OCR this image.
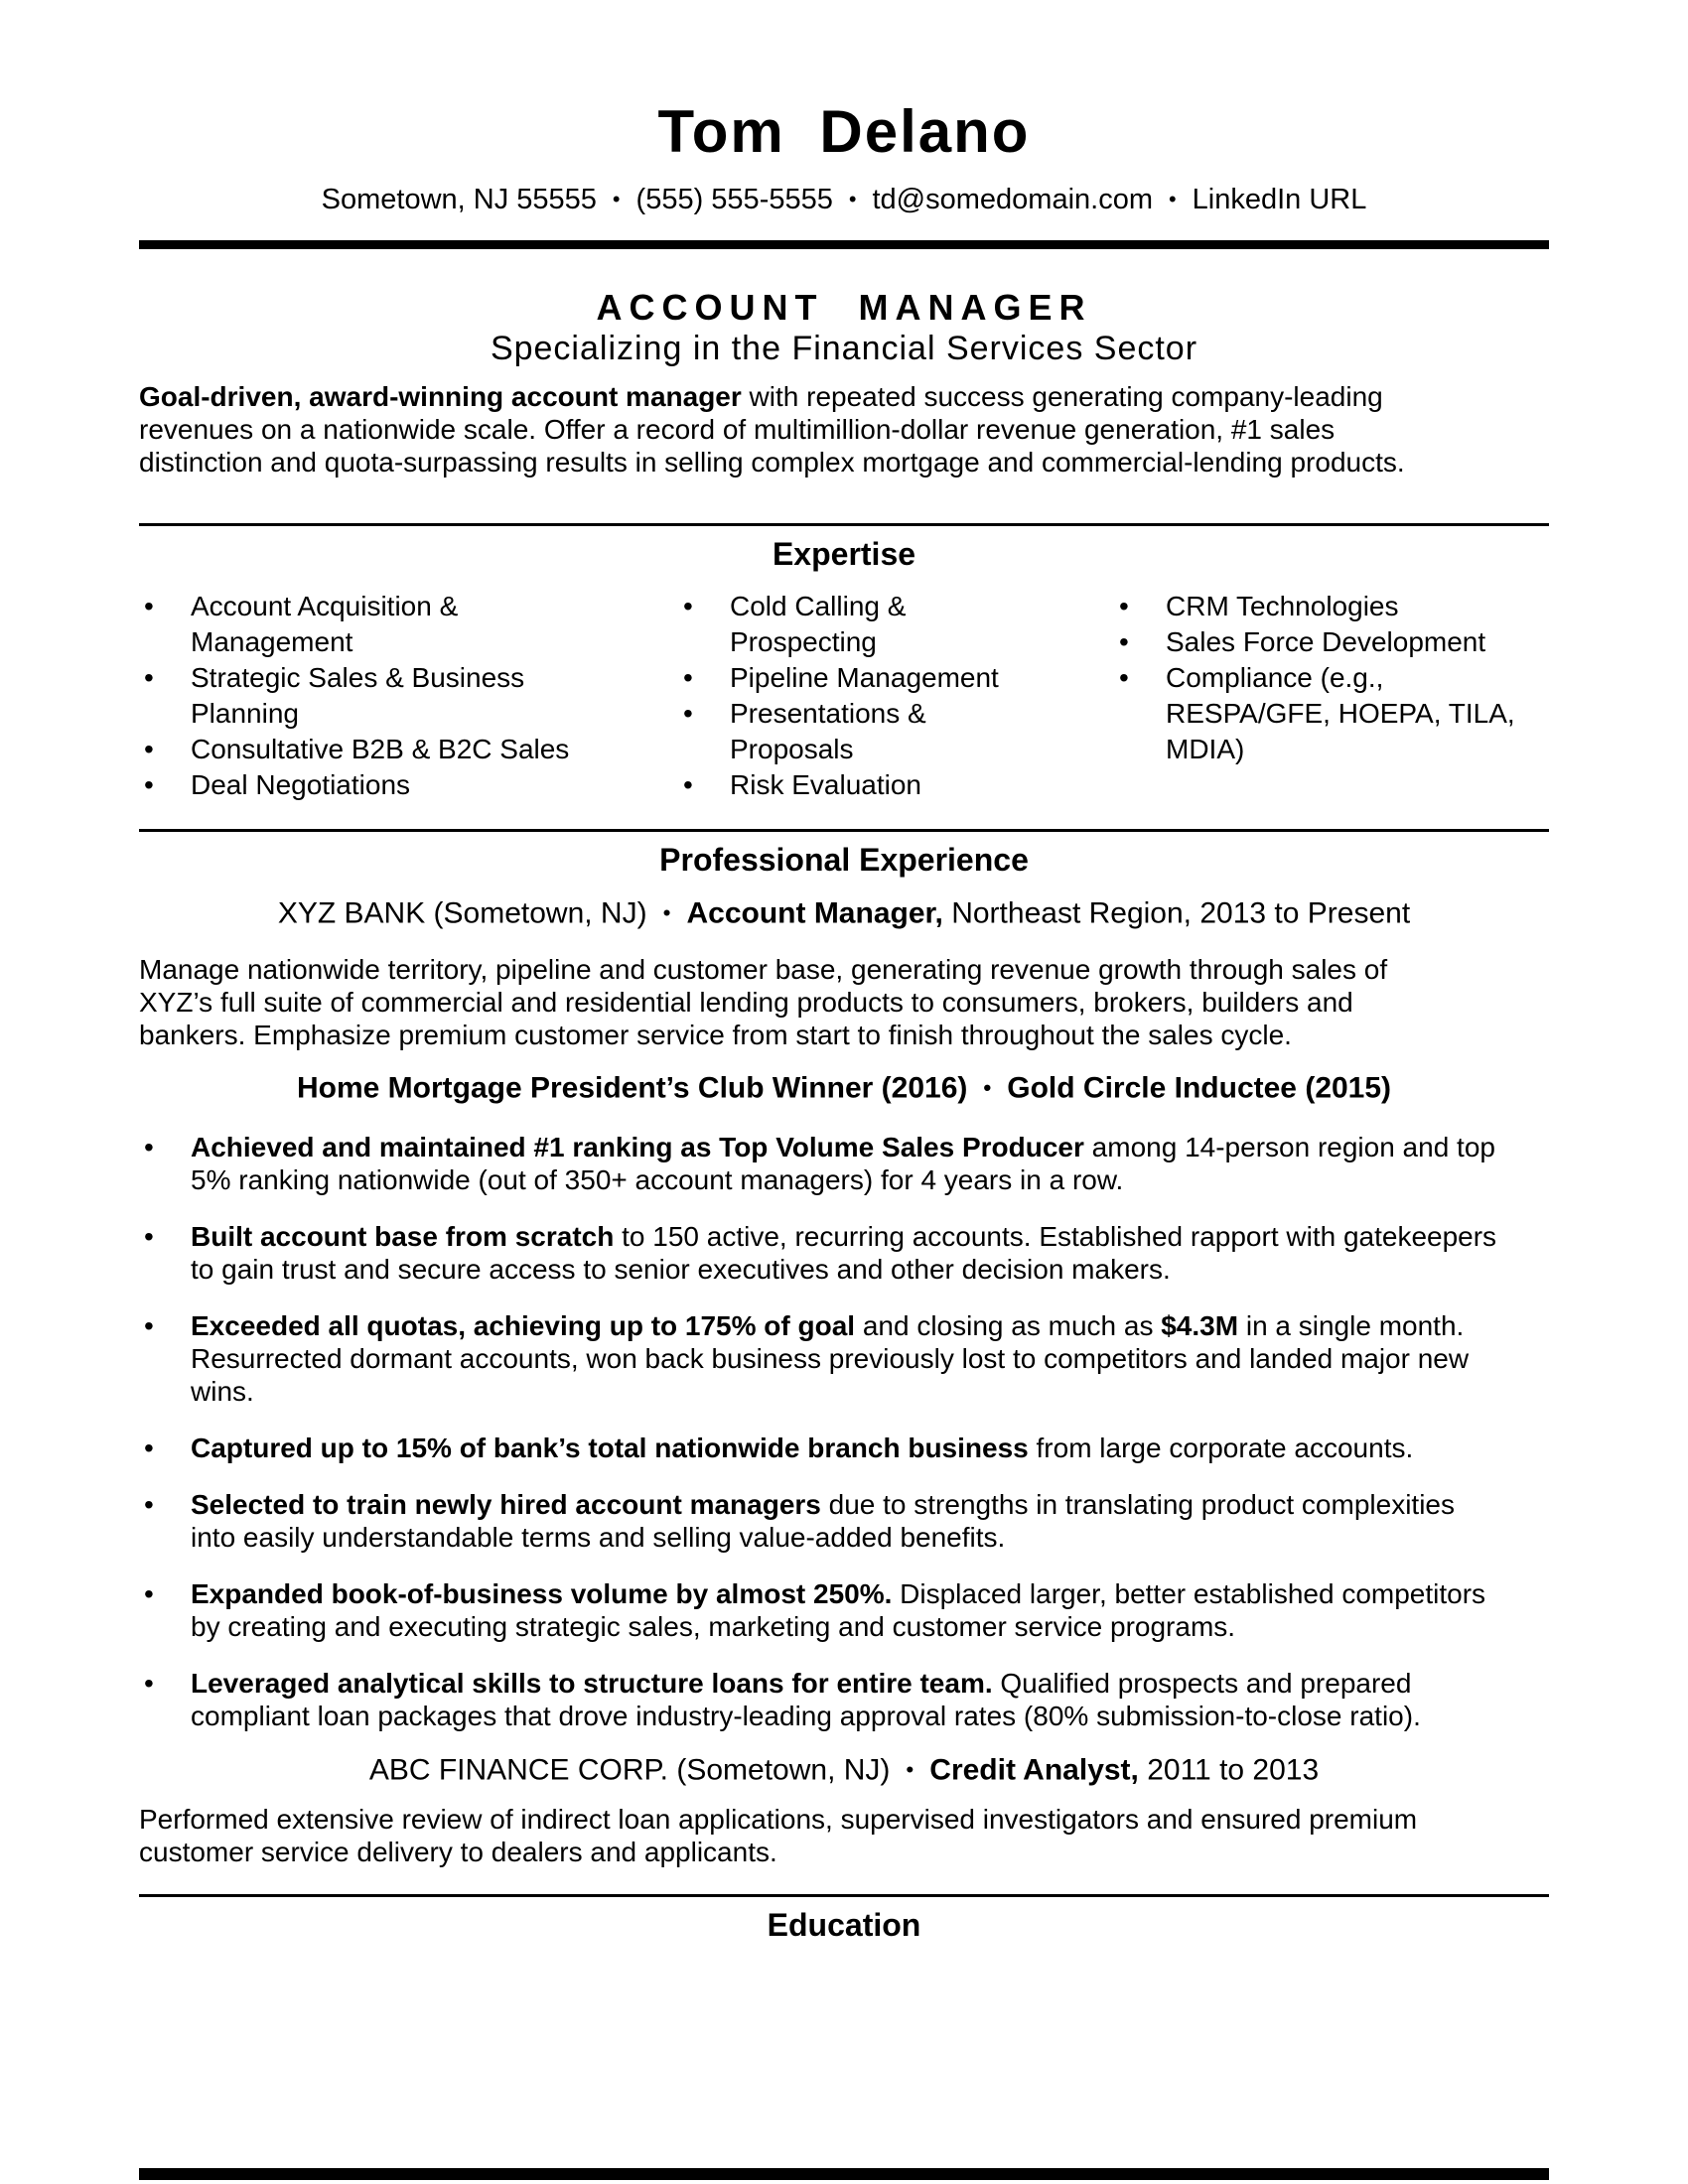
Tom Delano
Sometown, NJ 55555 • (555) 555-5555 • td@somedomain.com • LinkedIn URL
ACCOUNT MANAGER
Specializing in the Financial Services Sector

Goal-driven, award-winning account manager with repeated success generating company-leading revenues on a nationwide scale. Offer a record of multimillion-dollar revenue generation, #1 sales distinction and quota-surpassing results in selling complex mortgage and commercial-lending products.

Expertise
• Account Acquisition & Management
• Strategic Sales & Business Planning
• Consultative B2B & B2C Sales
• Deal Negotiations
• Cold Calling & Prospecting
• Pipeline Management
• Presentations & Proposals
• Risk Evaluation
• CRM Technologies
• Sales Force Development
• Compliance (e.g., RESPA/GFE, HOEPA, TILA, MDIA)
Professional Experience
XYZ BANK (Sometown, NJ) • Account Manager, Northeast Region, 2013 to Present

Manage nationwide territory, pipeline and customer base, generating revenue growth through sales of XYZ’s full suite of commercial and residential lending products to consumers, brokers, builders and bankers. Emphasize premium customer service from start to finish throughout the sales cycle.

Home Mortgage President’s Club Winner (2016) • Gold Circle Inductee (2015)
• Achieved and maintained #1 ranking as Top Volume Sales Producer among 14-person region and top 5% ranking nationwide (out of 350+ account managers) for 4 years in a row.
• Built account base from scratch to 150 active, recurring accounts. Established rapport with gatekeepers to gain trust and secure access to senior executives and other decision makers.
• Exceeded all quotas, achieving up to 175% of goal and closing as much as $4.3M in a single month. Resurrected dormant accounts, won back business previously lost to competitors and landed major new wins.
• Captured up to 15% of bank’s total nationwide branch business from large corporate accounts.
• Selected to train newly hired account managers due to strengths in translating product complexities into easily understandable terms and selling value-added benefits.
• Expanded book-of-business volume by almost 250%. Displaced larger, better established competitors by creating and executing strategic sales, marketing and customer service programs.
• Leveraged analytical skills to structure loans for entire team. Qualified prospects and prepared compliant loan packages that drove industry-leading approval rates (80% submission-to-close ratio).
ABC FINANCE CORP. (Sometown, NJ) • Credit Analyst, 2011 to 2013

Performed extensive review of indirect loan applications, supervised investigators and ensured premium customer service delivery to dealers and applicants.

Education
